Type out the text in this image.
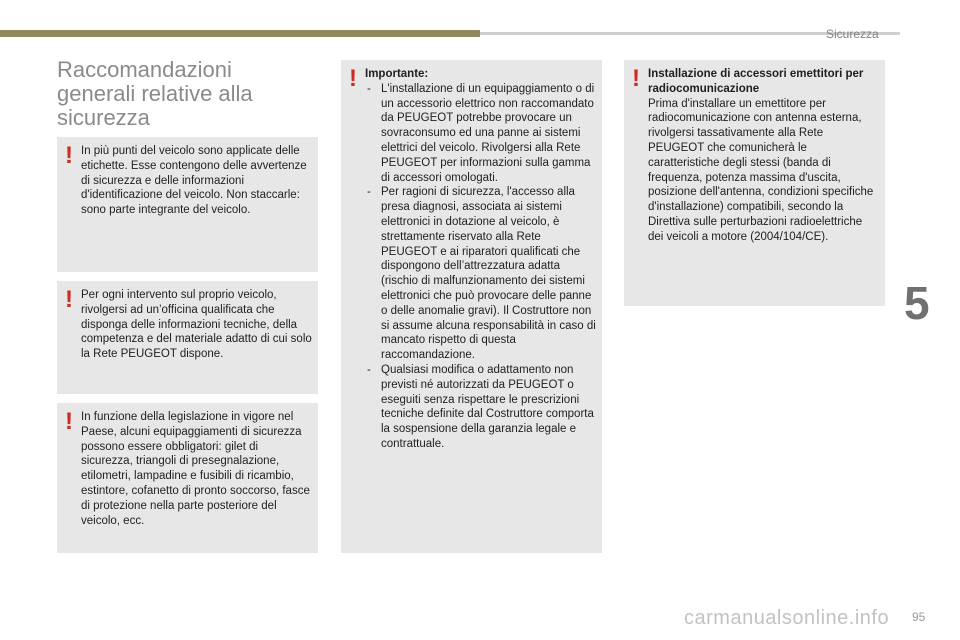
Sicurezza
5
Raccomandazioni generali relative alla sicurezza
! In più punti del veicolo sono applicate delle etichette. Esse contengono delle avvertenze di sicurezza e delle informazioni d'identificazione del veicolo. Non staccarle: sono parte integrante del veicolo.

! Per ogni intervento sul proprio veicolo, rivolgersi ad un’officina qualificata che disponga delle informazioni tecniche, della competenza e del materiale adatto di cui solo la Rete PEUGEOT dispone.

! In funzione della legislazione in vigore nel Paese, alcuni equipaggiamenti di sicurezza possono essere obbligatori: gilet di sicurezza, triangoli di presegnalazione, etilometri, lampadine e fusibili di ricambio, estintore, cofanetto di pronto soccorso, fasce di protezione nella parte posteriore del veicolo, ecc.

! Importante:

- L'installazione di un equipaggiamento o di un accessorio elettrico non raccomandato da PEUGEOT potrebbe provocare un sovraconsumo ed una panne ai sistemi elettrici del veicolo. Rivolgersi alla Rete PEUGEOT per informazioni sulla gamma di accessori omologati.
- Per ragioni di sicurezza, l'accesso alla presa diagnosi, associata ai sistemi elettronici in dotazione al veicolo, è strettamente riservato alla Rete PEUGEOT e ai riparatori qualificati che dispongono dell’attrezzatura adatta (rischio di malfunzionamento dei sistemi elettronici che può provocare delle panne o delle anomalie gravi). Il Costruttore non si assume alcuna responsabilità in caso di mancato rispetto di questa raccomandazione.
- Qualsiasi modifica o adattamento non previsti né autorizzati da PEUGEOT o eseguiti senza rispettare le prescrizioni tecniche definite dal Costruttore comporta la sospensione della garanzia legale e contrattuale.
! Installazione di accessori emettitori per radiocomunicazione

Prima d'installare un emettitore per radiocomunicazione con antenna esterna, rivolgersi tassativamente alla Rete PEUGEOT che comunicherà le caratteristiche degli stessi (banda di frequenza, potenza massima d'uscita, posizione dell'antenna, condizioni specifiche d'installazione) compatibili, secondo la Direttiva sulle perturbazioni radioelettriche dei veicoli a motore (2004/104/CE).

carmanualsonline.info 95
